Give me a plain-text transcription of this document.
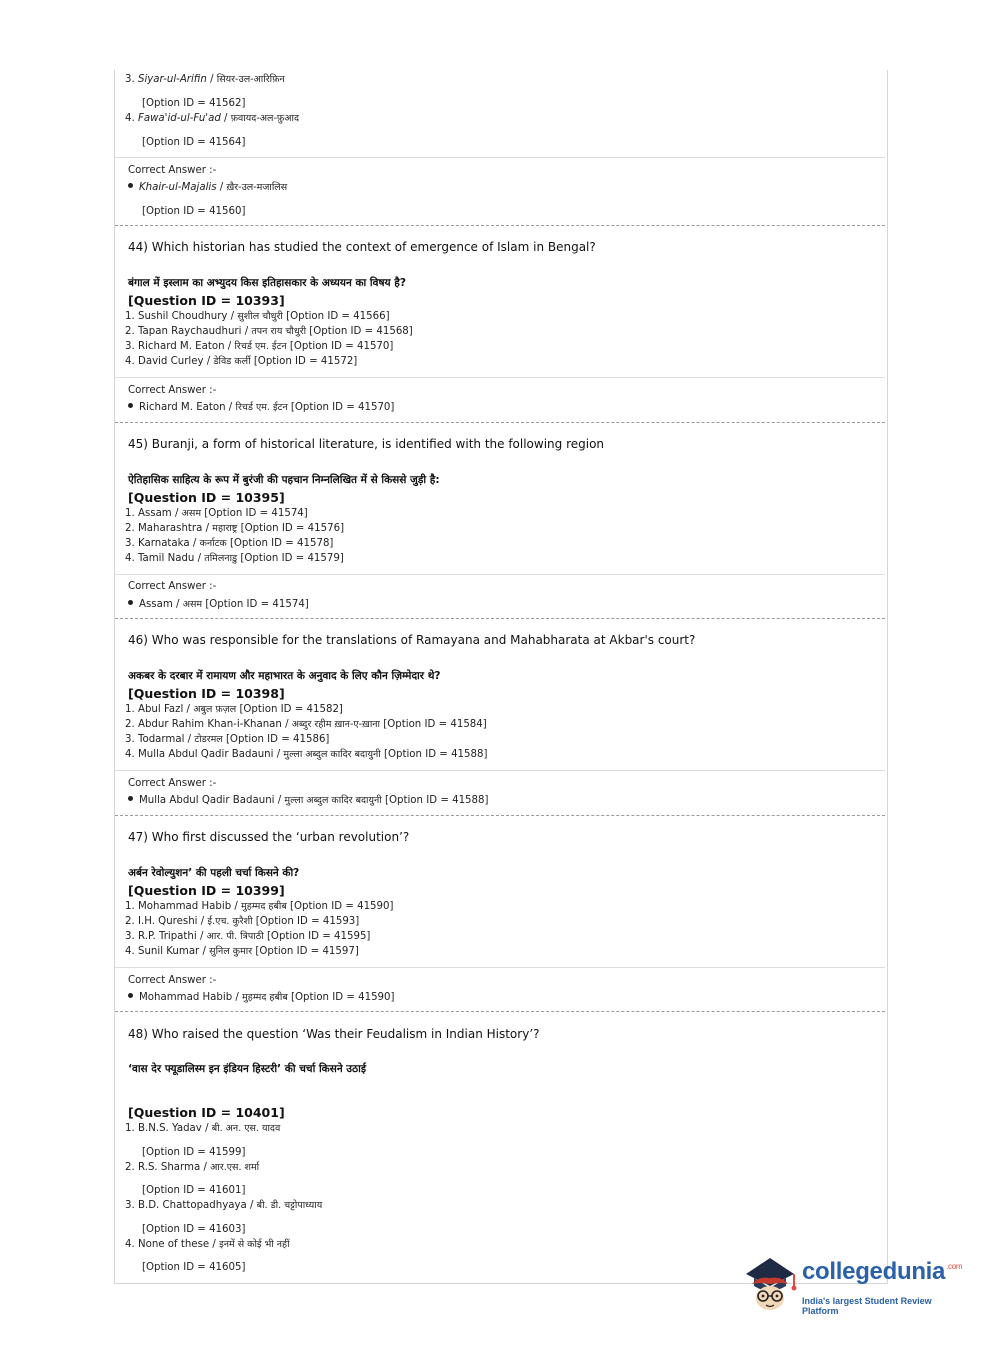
3. Siyar-ul-Arifin / सियर-उल-आरिफ़िन
[Option ID = 41562]
4. Fawa'id-ul-Fu'ad / फ़वायद-अल-फ़ुआद
[Option ID = 41564]
Correct Answer :-
Khair-ul-Majalis / ख़ैर-उल-मजालिस
[Option ID = 41560]
44) Which historian has studied the context of emergence of Islam in Bengal?
बंगाल में इस्लाम का अभ्युदय किस इतिहासकार के अध्ययन का विषय है?
[Question ID = 10393]
1. Sushil Choudhury / सुशील चौधुरी [Option ID = 41566]
2. Tapan Raychaudhuri / तपन राय चौधुरी [Option ID = 41568]
3. Richard M. Eaton / रिचर्ड एम. ईटन [Option ID = 41570]
4. David Curley / डेविड कर्ली [Option ID = 41572]
Correct Answer :-
Richard M. Eaton / रिचर्ड एम. ईटन [Option ID = 41570]
45) Buranji, a form of historical literature, is identified with the following region
ऐतिहासिक साहित्य के रूप में बुरंजी की पहचान निम्नलिखित में से किससे जुड़ी है:
[Question ID = 10395]
1. Assam / असम [Option ID = 41574]
2. Maharashtra / महाराष्ट्र [Option ID = 41576]
3. Karnataka / कर्नाटक [Option ID = 41578]
4. Tamil Nadu / तमिलनाडु [Option ID = 41579]
Correct Answer :-
Assam / असम [Option ID = 41574]
46) Who was responsible for the translations of Ramayana and Mahabharata at Akbar's court?
अकबर के दरबार में रामायण और महाभारत के अनुवाद के लिए कौन ज़िम्मेदार थे?
[Question ID = 10398]
1. Abul Fazl / अबुल फ़ज़ल [Option ID = 41582]
2. Abdur Rahim Khan-i-Khanan / अब्दुर रहीम ख़ान-ए-ख़ाना [Option ID = 41584]
3. Todarmal / टोडरमल [Option ID = 41586]
4. Mulla Abdul Qadir Badauni / मुल्ला अब्दुल कादिर बदायुनी [Option ID = 41588]
Correct Answer :-
Mulla Abdul Qadir Badauni / मुल्ला अब्दुल कादिर बदायुनी [Option ID = 41588]
47) Who first discussed the ‘urban revolution’?
अर्बन रेवोल्युशन’ की पहली चर्चा किसने की?
[Question ID = 10399]
1. Mohammad Habib / मुहम्मद हबीब [Option ID = 41590]
2. I.H. Qureshi / ई.एच. कुरैशी [Option ID = 41593]
3. R.P. Tripathi / आर. पी. त्रिपाठी [Option ID = 41595]
4. Sunil Kumar / सुनिल कुमार [Option ID = 41597]
Correct Answer :-
Mohammad Habib / मुहम्मद हबीब [Option ID = 41590]
48) Who raised the question ‘Was their Feudalism in Indian History’?
‘वास देर फ्यूडालिस्म इन इंडियन हिस्टरी’ की चर्चा किसने उठाई
[Question ID = 10401]
1. B.N.S. Yadav / बी. अन. एस. यादव
[Option ID = 41599]
2. R.S. Sharma / आर.एस. शर्मा
[Option ID = 41601]
3. B.D. Chattopadhyaya / बी. डी. चट्टोपाध्याय
[Option ID = 41603]
4. None of these / इनमें से कोई भी नहीं
[Option ID = 41605]	collegedunia$^{.com}$
India's largest Student Review Platform
